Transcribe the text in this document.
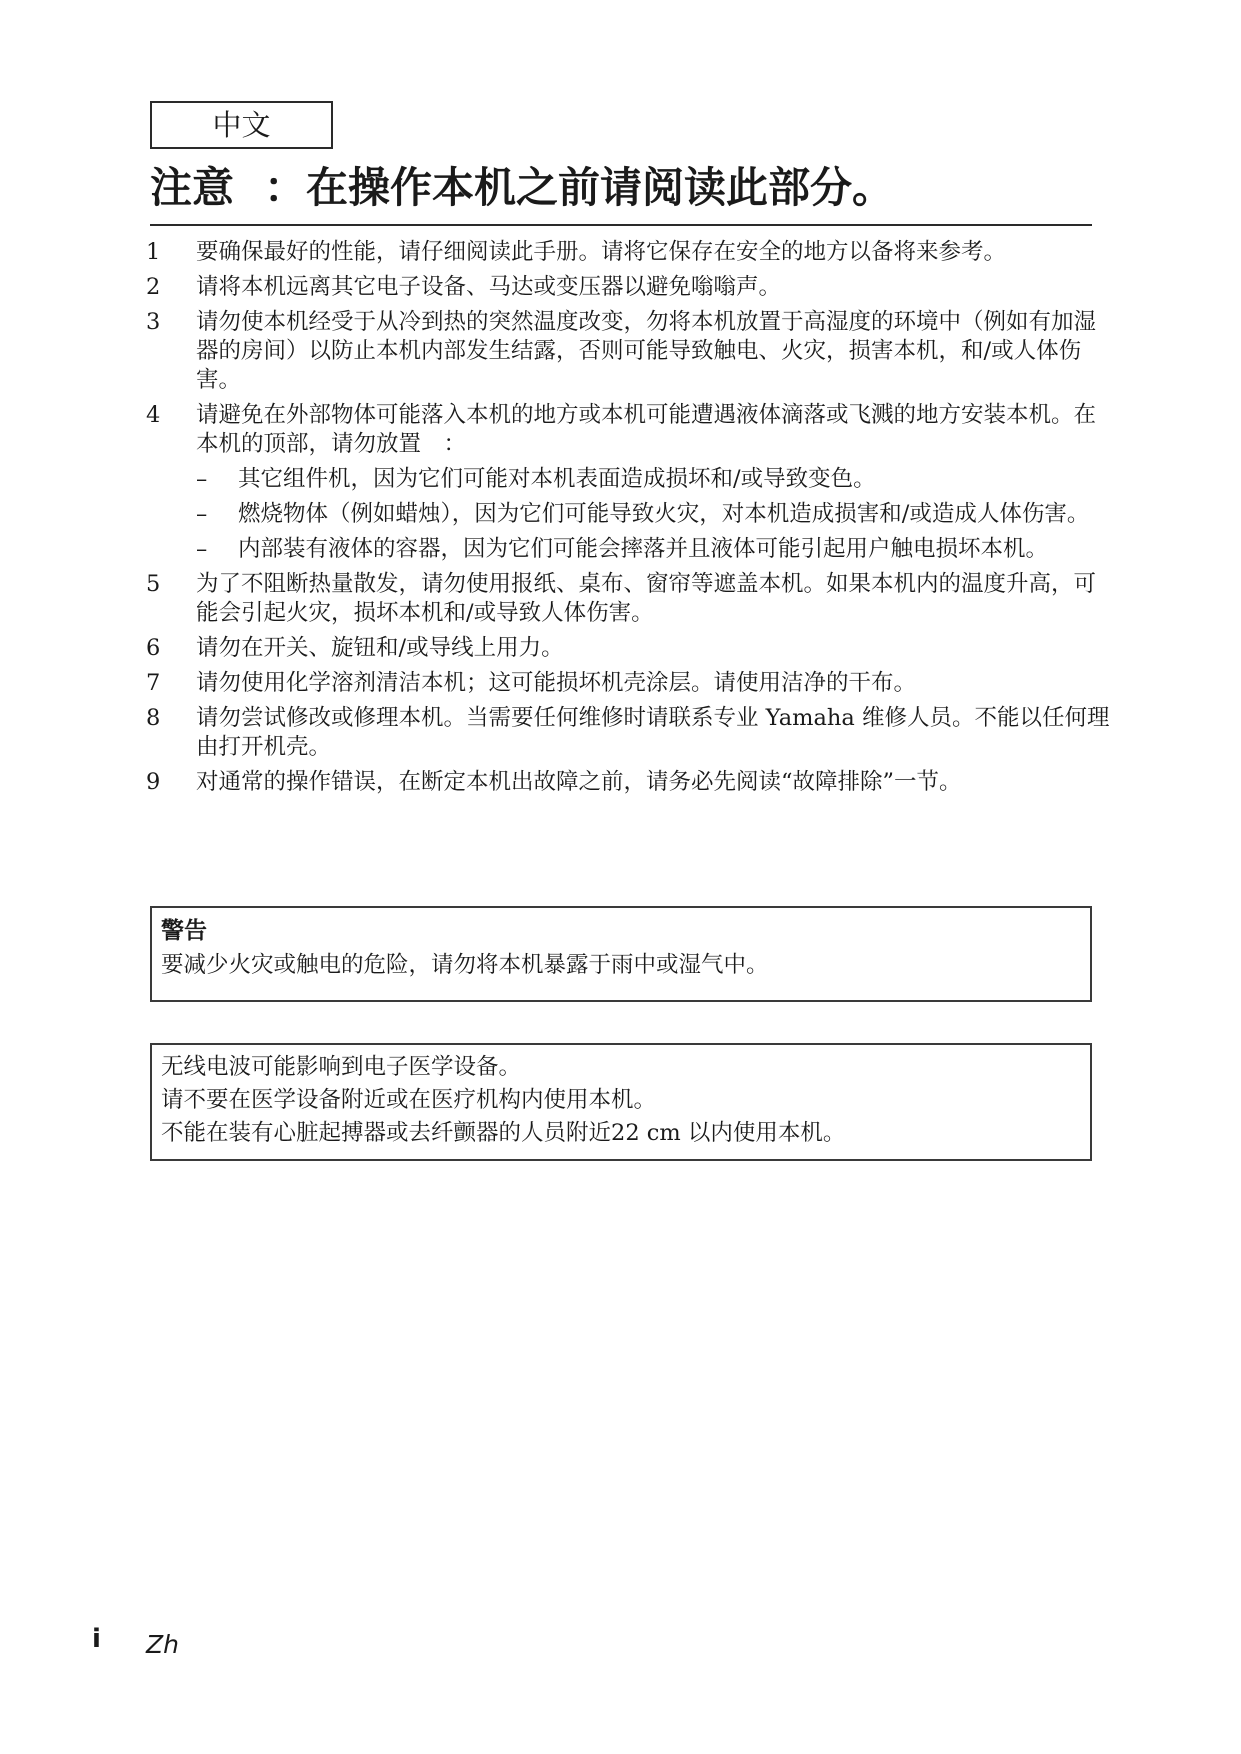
中文
注意 ：在操作本机之前请阅读此部分。
1	要确保最好的性能，请仔细阅读此手册。请将它保存在安全的地方以备将来参考。
2	请将本机远离其它电子设备、马达或变压器以避免嗡嗡声。
3	请勿使本机经受于从冷到热的突然温度改变，勿将本机放置于高湿度的环境中（例如有加湿器的房间）以防止本机内部发生结露，否则可能导致触电、火灾，损害本机，和/或人体伤害。
4	请避免在外部物体可能落入本机的地方或本机可能遭遇液体滴落或飞溅的地方安装本机。在本机的顶部，请勿放置　：
–	其它组件机，因为它们可能对本机表面造成损坏和/或导致变色。
–	燃烧物体（例如蜡烛），因为它们可能导致火灾，对本机造成损害和/或造成人体伤害。
–	内部装有液体的容器，因为它们可能会摔落并且液体可能引起用户触电损坏本机。
5	为了不阻断热量散发，请勿使用报纸、桌布、窗帘等遮盖本机。如果本机内的温度升高，可能会引起火灾，损坏本机和/或导致人体伤害。
6	请勿在开关、旋钮和/或导线上用力。
7	请勿使用化学溶剂清洁本机；这可能损坏机壳涂层。请使用洁净的干布。
8	请勿尝试修改或修理本机。当需要任何维修时请联系专业 Yamaha 维修人员。不能以任何理由打开机壳。
9	对通常的操作错误，在断定本机出故障之前，请务必先阅读“故障排除”一节。
警告
要减少火灾或触电的危险，请勿将本机暴露于雨中或湿气中。
无线电波可能影响到电子医学设备。
请不要在医学设备附近或在医疗机构内使用本机。
不能在装有心脏起搏器或去纤颤器的人员附近22 cm 以内使用本机。
i Zh
